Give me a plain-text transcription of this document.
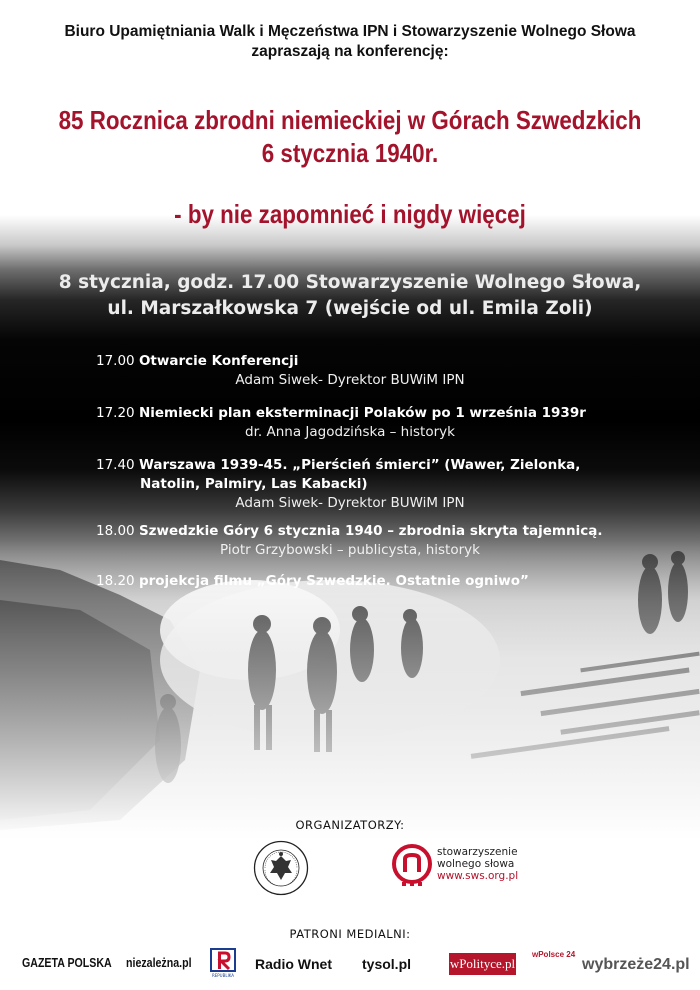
Biuro Upamiętniania Walk i Męczeństwa IPN i Stowarzyszenie Wolnego Słowa
zapraszają na konferencję:
85 Rocznica zbrodni niemieckiej w Górach Szwedzkich
6 stycznia 1940r.
- by nie zapomnieć i nigdy więcej
8 stycznia, godz. 17.00 Stowarzyszenie Wolnego Słowa,
ul. Marszałkowska 7 (wejście od ul. Emila Zoli)
17.00 Otwarcie Konferencji
Adam Siwek- Dyrektor BUWiM IPN
17.20 Niemiecki plan eksterminacji Polaków po 1 września 1939r
dr. Anna Jagodzińska – historyk
17.40 Warszawa 1939-45. „Pierścień śmierci” (Wawer, Zielonka,
Natolin, Palmiry, Las Kabacki)
Adam Siwek- Dyrektor BUWiM IPN
18.00 Szwedzkie Góry 6 stycznia 1940 – zbrodnia skryta tajemnicą.
Piotr Grzybowski – publicysta, historyk
18.20 projekcja filmu „Góry Szwedzkie. Ostatnie ogniwo”
ORGANIZATORZY:
stowarzyszenie
wolnego słowa
www.sws.org.pl
PATRONI MEDIALNI:
GAZETA POLSKA niezależna.pl
REPUBLIKA
Radio Wnet tysol.pl	wPolityce.pl
wPolsce 24
wybrzeże24.pl
